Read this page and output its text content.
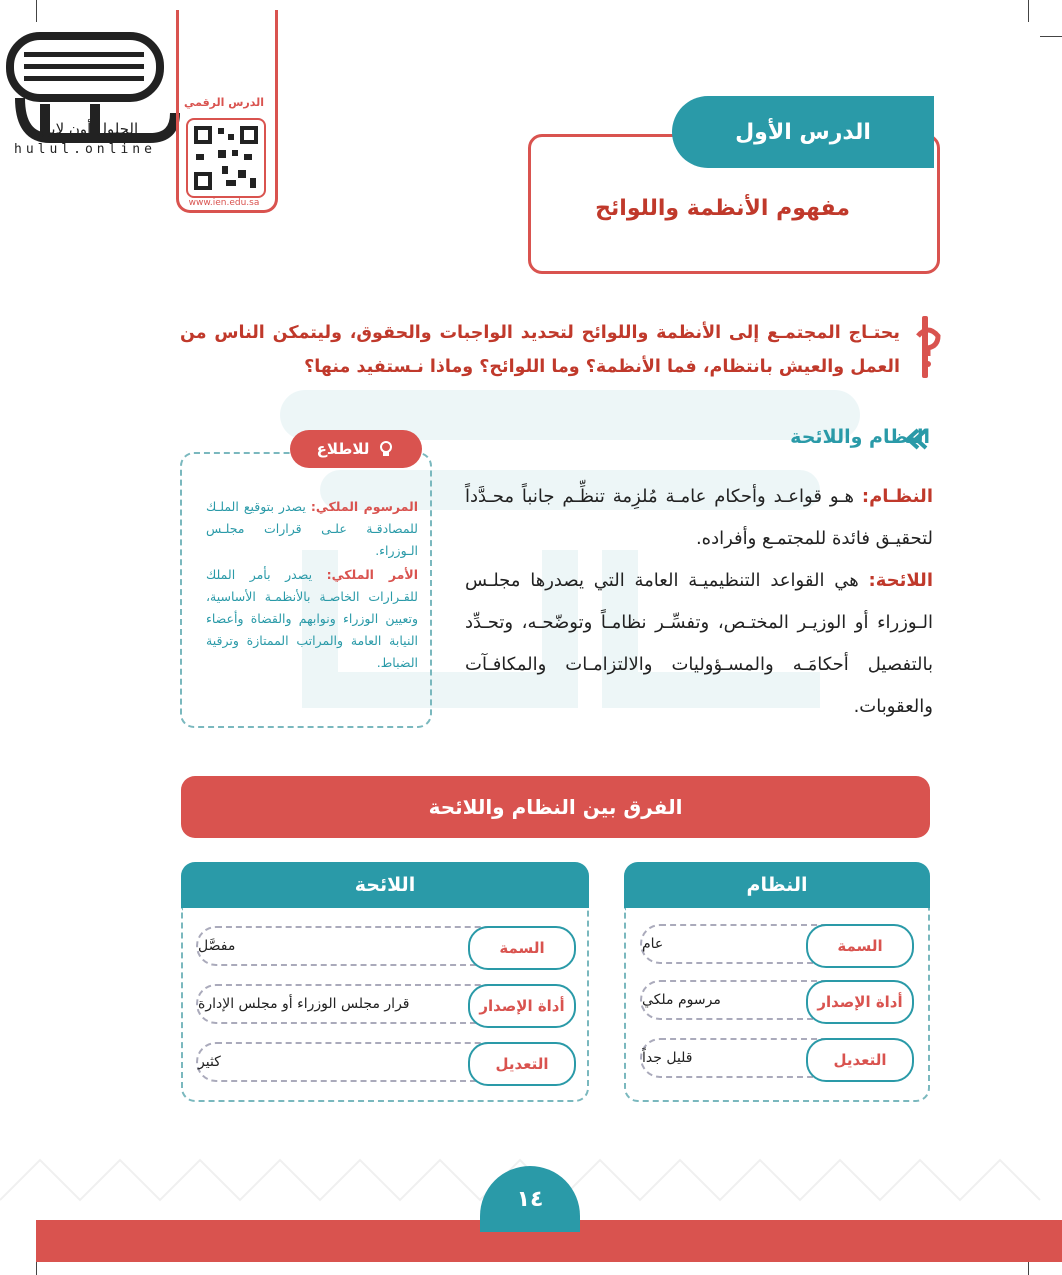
الحلول أون لاين
hulul.online
الدرس الرقمي
www.ien.edu.sa
الدرس الأول
مفهوم الأنظمة واللوائح
يحتـاج المجتمـع إلى الأنظمة واللوائح لتحديد الواجبات والحقوق، وليتمكن الناس من العمل والعيش بانتظام، فما الأنظمة؟ وما اللوائح؟ وماذا نـستفيد منها؟
النظام واللائحة

النظـام: هـو قواعـد وأحكام عامـة مُلزِمة تنظِّـم جانباً محـدَّداً لتحقيـق فائدة للمجتمـع وأفراده.

اللائحة: هي القواعد التنظيميـة العامة التي يصدرها مجلـس الـوزراء أو الوزيـر المختـص، وتفسِّـر نظامـاً وتوضّحـه، وتحـدِّد بالتفصيل أحكامَـه والمسـؤوليات والالتزامـات والمكافـآت والعقوبات.

للاطلاع

المرسوم الملكي: يصدر بتوقيع الملـك للمصادقـة علـى قرارات مجلـس الـوزراء.

الأمر الملكي: يصدر بأمر الملك للقـرارات الخاصـة بالأنظمـة الأساسية، وتعيين الوزراء ونوابهم والقضاة وأعضاء النيابة العامة والمراتب الممتازة وترقية الضباط.

الفرق بين النظام واللائحة
النظام
عام	السمة
مرسوم ملكي	أداة الإصدار
قليل جداً	التعديل
اللائحة
مفصَّل	السمة
قرار مجلس الوزراء أو مجلس الإدارة	أداة الإصدار
كثير	التعديل
١٤
